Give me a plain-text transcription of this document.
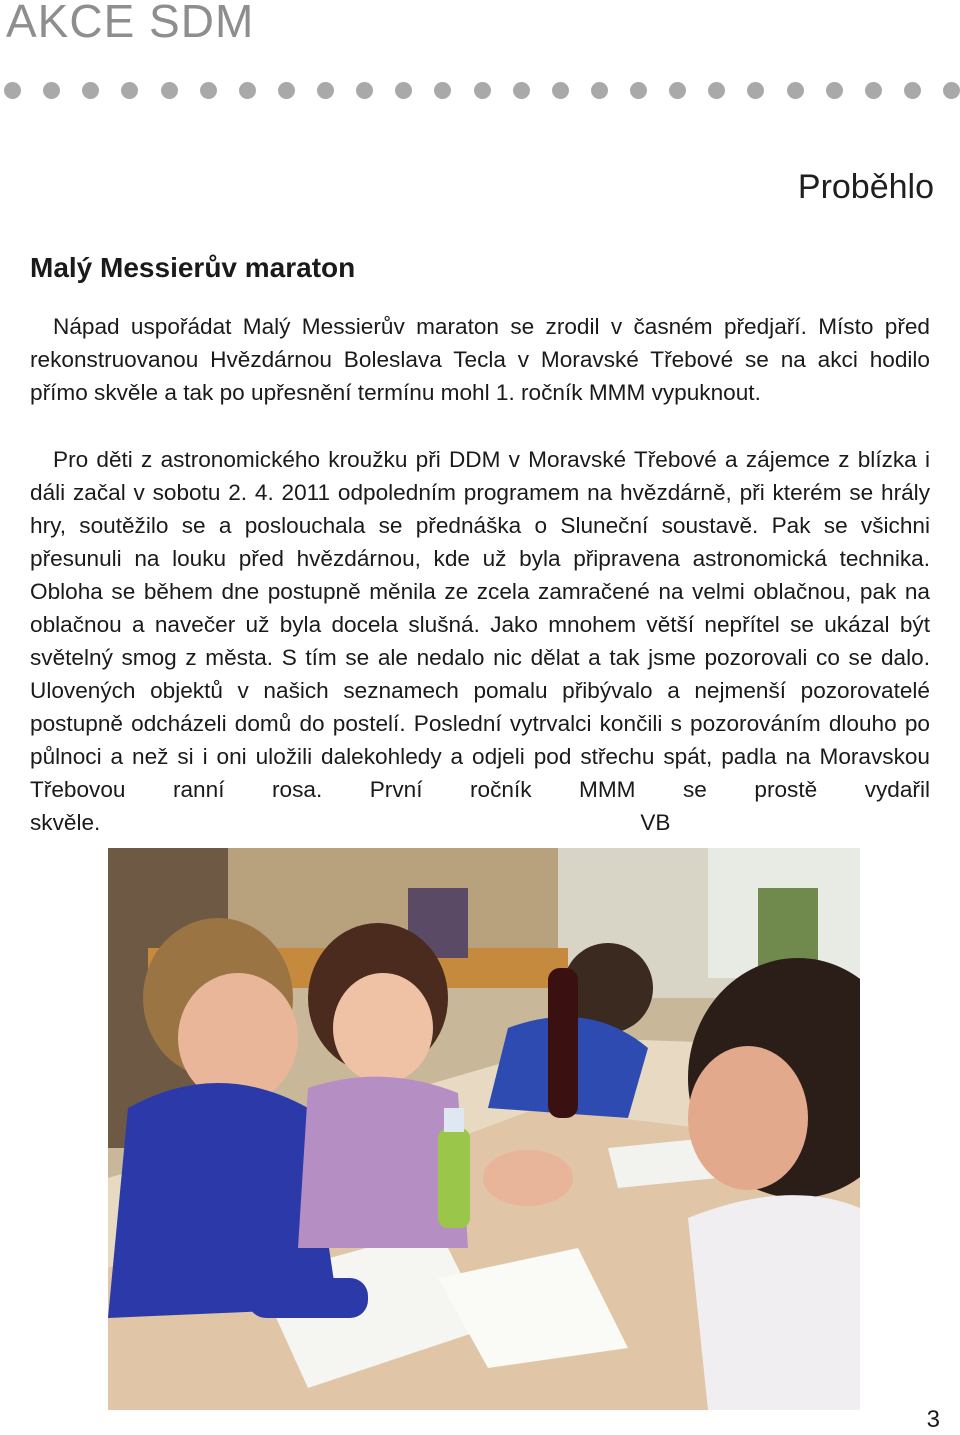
AKCE SDM
Proběhlo
Malý Messierův maraton

Nápad uspořádat Malý Messierův maraton se zrodil v časném předjaří. Místo před rekonstruovanou Hvězdárnou Boleslava Tecla v Moravské Třebové se na akci hodilo přímo skvěle a tak po upřesnění termínu mohl 1. ročník MMM vypuknout.

Pro děti z astronomického kroužku při DDM v Moravské Třebové a zájemce z blízka i dáli začal v sobotu 2. 4. 2011 odpoledním programem na hvězdárně, při kterém se hrály hry, soutěžilo se a poslouchala se přednáška o Sluneční soustavě. Pak se všichni přesunuli na louku před hvězdárnou, kde už byla připravena astronomická technika. Obloha se během dne postupně měnila ze zcela zamračené na velmi oblačnou, pak na oblačnou a navečer už byla docela slušná. Jako mnohem větší nepřítel se ukázal být světelný smog z města. S tím se ale nedalo nic dělat a tak jsme pozorovali co se dalo. Ulovených objektů v našich seznamech pomalu přibývalo a nejmenší pozorovatelé postupně odcházeli domů do postelí. Poslední vytrvalci končili s pozorováním dlouho po půlnoci a než si i oni uložili dalekohledy a odjeli pod střechu spát, padla na Moravskou Třebovou ranní rosa. První ročník MMM se prostě vydařil skvěle.	VB

3
